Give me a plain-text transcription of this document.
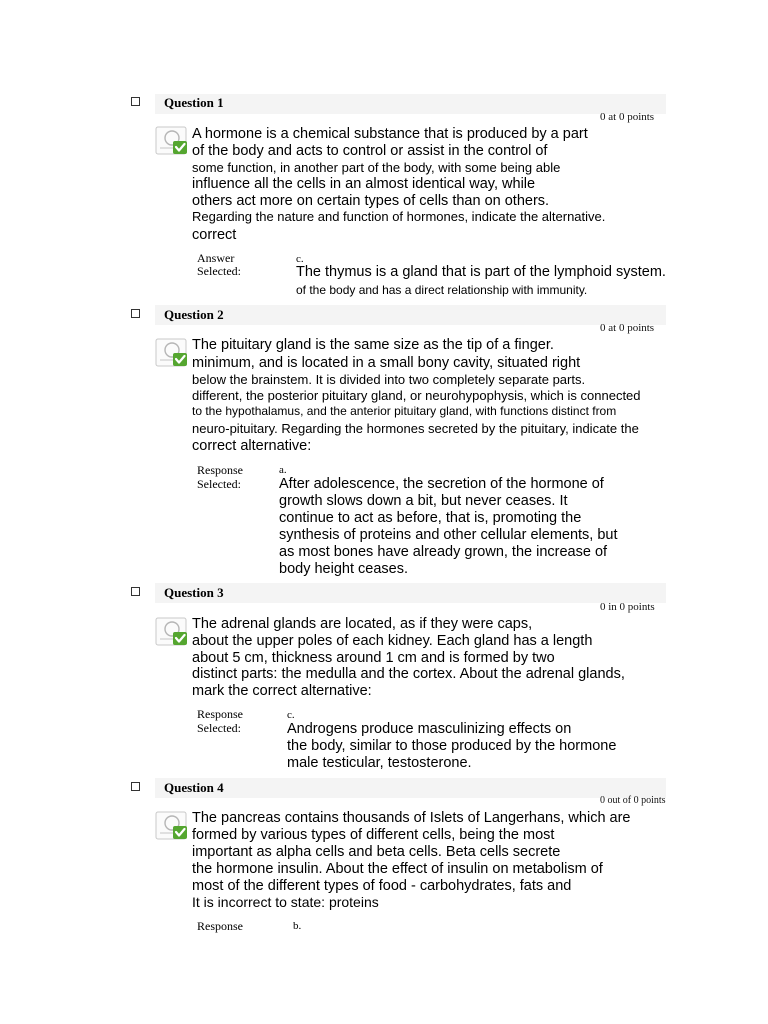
Question 1
0 at 0 points
A hormone is a chemical substance that is produced by a part
of the body and acts to control or assist in the control of
some function, in another part of the body, with some being able
influence all the cells in an almost identical way, while
others act more on certain types of cells than on others.
Regarding the nature and function of hormones, indicate the alternative.
correct
Answer
Selected:
c.
The thymus is a gland that is part of the lymphoid system.
of the body and has a direct relationship with immunity.
Question 2
0 at 0 points
The pituitary gland is the same size as the tip of a finger.
minimum, and is located in a small bony cavity, situated right
below the brainstem. It is divided into two completely separate parts.
different, the posterior pituitary gland, or neurohypophysis, which is connected
to the hypothalamus, and the anterior pituitary gland, with functions distinct from
neuro-pituitary. Regarding the hormones secreted by the pituitary, indicate the
correct alternative:
Response
Selected:
a.
After adolescence, the secretion of the hormone of
growth slows down a bit, but never ceases. It
continue to act as before, that is, promoting the
synthesis of proteins and other cellular elements, but
as most bones have already grown, the increase of
body height ceases.
Question 3
0 in 0 points
The adrenal glands are located, as if they were caps,
about the upper poles of each kidney. Each gland has a length
about 5 cm, thickness around 1 cm and is formed by two
distinct parts: the medulla and the cortex. About the adrenal glands,
mark the correct alternative:
Response
Selected:
c.
Androgens produce masculinizing effects on
the body, similar to those produced by the hormone
male testicular, testosterone.
Question 4
0 out of 0 points
The pancreas contains thousands of Islets of Langerhans, which are
formed by various types of different cells, being the most
important as alpha cells and beta cells. Beta cells secrete
the hormone insulin. About the effect of insulin on metabolism of
most of the different types of food - carbohydrates, fats and
It is incorrect to state: proteins
Response	b.
